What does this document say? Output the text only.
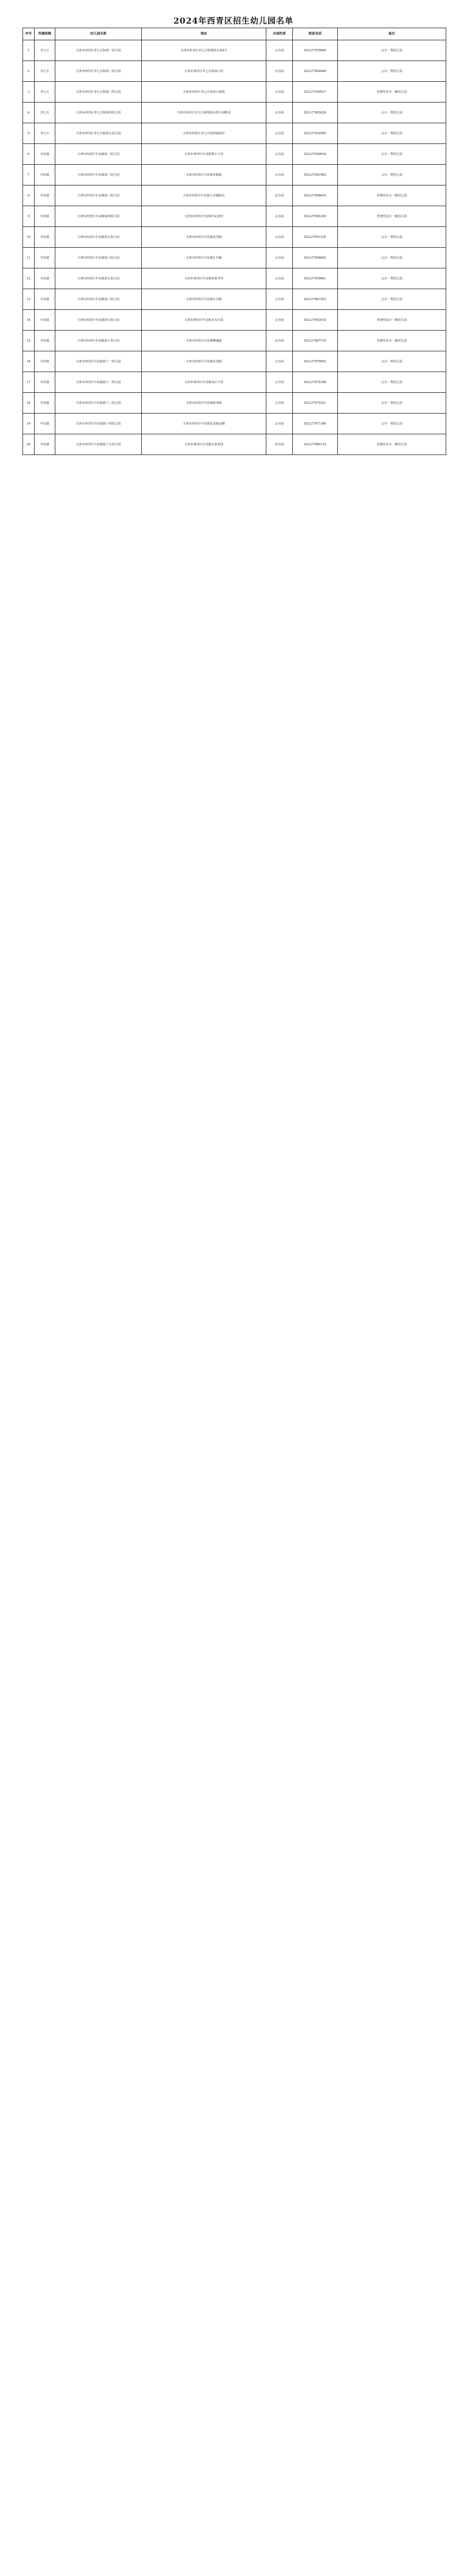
2024年西青区招生幼儿园名单
序号	所属街镇	幼儿园名称	地址	办园性质	联系电话	备注
1	李七庄	天津市西青区李七庄街第一幼儿园	天津市西青区李七庄街梨园头第4号	公办园	022-27979669	公办一类幼儿园
2	李七庄	天津市西青区李七庄街第二幼儿园	天津市西青区李七庄街凌口村	公办园	022-27992606	公办一类幼儿园
3	李七庄	天津市西青区李七庄街第三幼儿园	天津市西青区李七庄街凌口南院	公办园	022-27930017	普惠性民办一级幼儿园
4	李七庄	天津市西青区李七庄街第四幼儿园	天津市西青区李七庄街梨园头幼儿园附近	公办园	022-27993626	公办一类幼儿园
5	李七庄	天津市西青区李七庄街第五幼儿园	天津市西青区李七庄街西南角村	公办园	022-27932009	公办一类幼儿园
6	中北镇	天津市西青区中北镇第一幼儿园	天津市西青区中北镇曹庄子村	公办园	022-27940618	公办一类幼儿园
7	中北镇	天津市西青区中北镇第二幼儿园	天津市西青区中北镇阜锦道	公办园	022-27941002	公办一类幼儿园
8	中北镇	天津市西青区中北镇第三幼儿园	天津市西青区中北镇大寺镇附近	民办园	022-27998616	普惠性民办一级幼儿园
9	中北镇	天津市西青区中北镇第四幼儿园	天津市西青区中北镇中北斜村	公办园	022-27945330	普惠性民办一级幼儿园
10	中北镇	天津市西青区中北镇第五幼儿园	天津市西青区中北镇星光路	公办园	022-27951236	公办一类幼儿园
11	中北镇	天津市西青区中北镇第六幼儿园	天津市西青区中北镇汇川路	公办园	022-27956602	公办一类幼儿园
12	中北镇	天津市西青区中北镇第七幼儿园	天津市西青区中北镇西姜井村	公办园	022-27959801	公办一类幼儿园
13	中北镇	天津市西青区中北镇第八幼儿园	天津市西青区中北镇万卉路	公办园	022-27961503	公办一类幼儿园
14	中北镇	天津市西青区中北镇第九幼儿园	天津市西青区中北镇水木天成	公办园	022-27963018	普惠性民办一级幼儿园
15	中北镇	天津市西青区中北镇第十幼儿园	天津市西青区中北镇柳溪道	民办园	022-27967710	普惠性民办一级幼儿园
16	中北镇	天津市西青区中北镇第十一幼儿园	天津市西青区中北镇宏伟路	公办园	022-27970042	公办一类幼儿园
17	中北镇	天津市西青区中北镇第十二幼儿园	天津市西青区中北镇高庄子村	公办园	022-27972358	公办一类幼儿园
18	中北镇	天津市西青区中北镇第十三幼儿园	天津市西青区中北镇新亚路	公办园	022-27975521	公办一类幼儿园
19	中北镇	天津市西青区中北镇第十四幼儿园	天津市西青区中北镇星光路北侧	公办园	022-27977306	公办一类幼儿园
20	中北镇	天津市西青区中北镇第十五幼儿园	天津市西青区中北镇永泰花园	民办园	022-27980119	普惠性民办一级幼儿园
